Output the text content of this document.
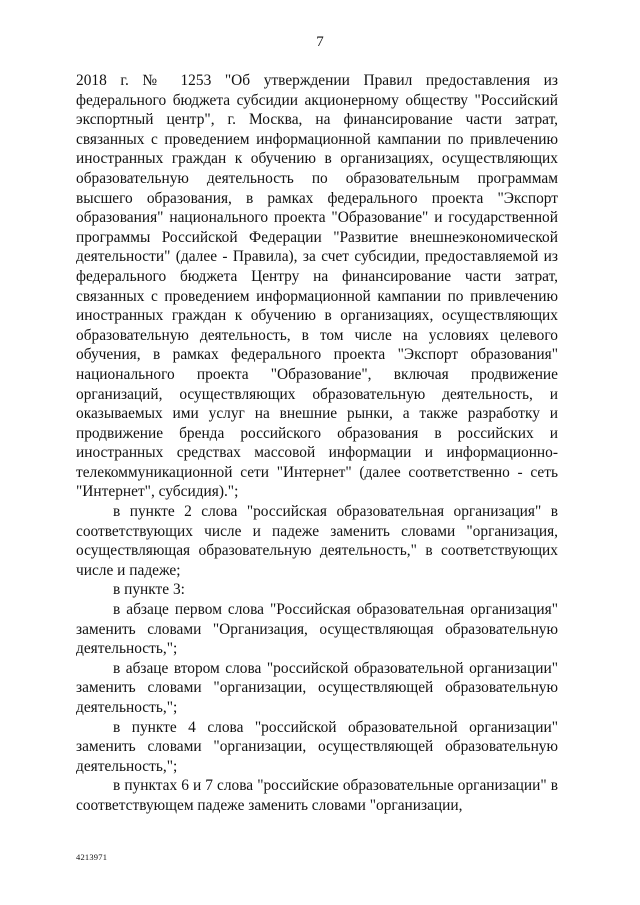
7

2018 г. № 1253 "Об утверждении Правил предоставления из федерального бюджета субсидии акционерному обществу "Российский экспортный центр", г. Москва, на финансирование части затрат, связанных с проведением информационной кампании по привлечению иностранных граждан к обучению в организациях, осуществляющих образовательную деятельность по образовательным программам высшего образования, в рамках федерального проекта "Экспорт образования" национального проекта "Образование" и государственной программы Российской Федерации "Развитие внешнеэкономической деятельности" (далее - Правила), за счет субсидии, предоставляемой из федерального бюджета Центру на финансирование части затрат, связанных с проведением информационной кампании по привлечению иностранных граждан к обучению в организациях, осуществляющих образовательную деятельность, в том числе на условиях целевого обучения, в рамках федерального проекта "Экспорт образования" национального проекта "Образование", включая продвижение организаций, осуществляющих образовательную деятельность, и оказываемых ими услуг на внешние рынки, а также разработку и продвижение бренда российского образования в российских и иностранных средствах массовой информации и информационно-телекоммуникационной сети "Интернет" (далее соответственно - сеть "Интернет", субсидия).";

в пункте 2 слова "российская образовательная организация" в соответствующих числе и падеже заменить словами "организация, осуществляющая образовательную деятельность," в соответствующих числе и падеже;

в пункте 3:

в абзаце первом слова "Российская образовательная организация" заменить словами "Организация, осуществляющая образовательную деятельность,";

в абзаце втором слова "российской образовательной организации" заменить словами "организации, осуществляющей образовательную деятельность,";

в пункте 4 слова "российской образовательной организации" заменить словами "организации, осуществляющей образовательную деятельность,";

в пунктах 6 и 7 слова "российские образовательные организации" в соответствующем падеже заменить словами "организации,

4213971
